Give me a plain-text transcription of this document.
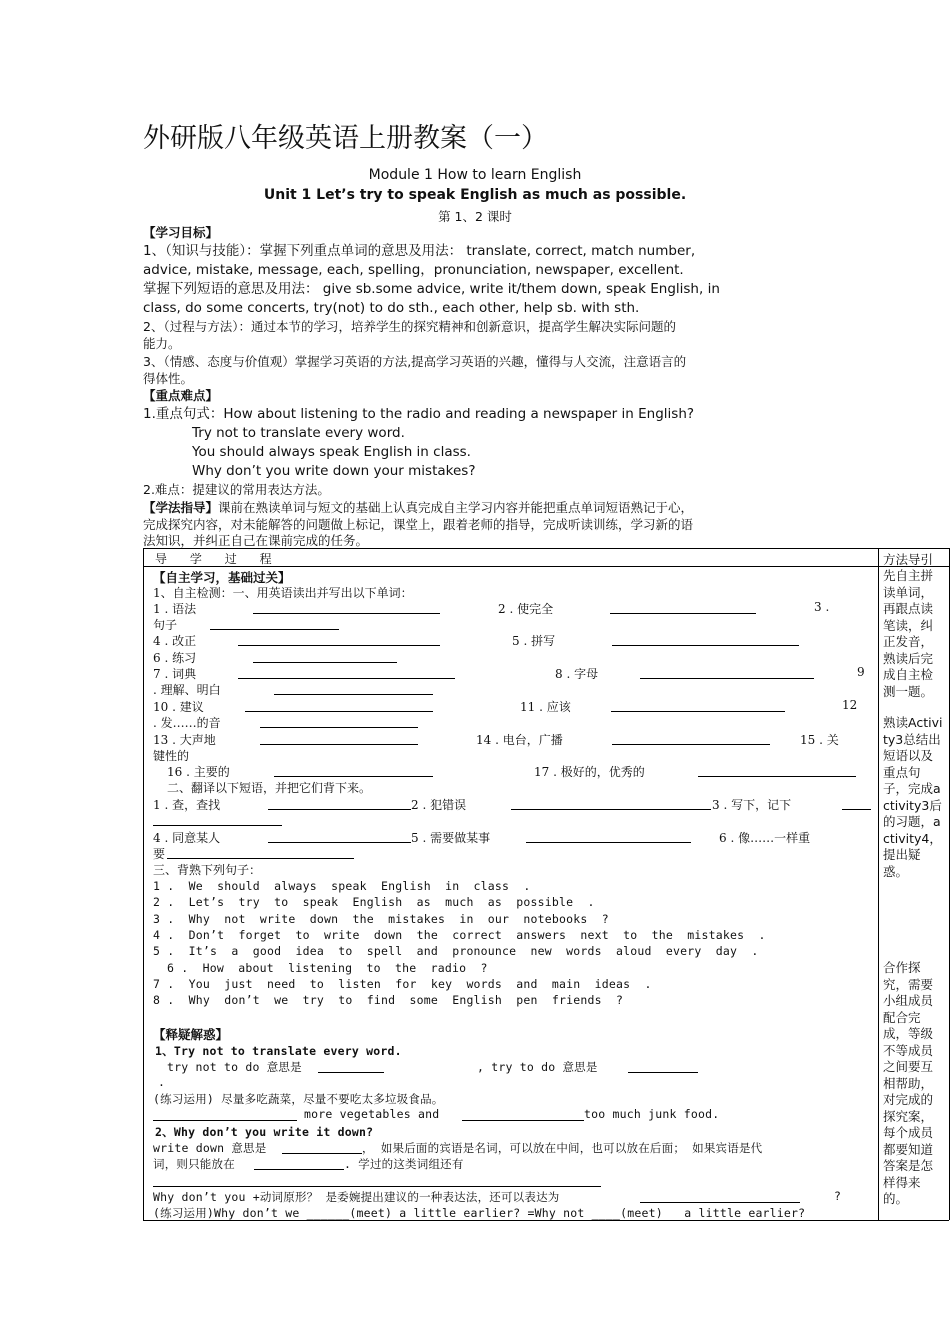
外研版八年级英语上册教案（一）
Module 1 How to learn English
Unit 1 Let’s try to speak English as much as possible.
第 1、2 课时
【学习目标】
1、（知识与技能）：掌握下列重点单词的意思及用法： translate, correct, match number,
advice, mistake, message, each, spelling，pronunciation, newspaper, excellent.
掌握下列短语的意思及用法： give sb.some advice, write it/them down, speak English, in
class, do some concerts, try(not) to do sth., each other, help sb. with sth.
2、（过程与方法）：通过本节的学习，培养学生的探究精神和创新意识，提高学生解决实际问题的
能力。
3、（情感、态度与价值观）掌握学习英语的方法,提高学习英语的兴趣，懂得与人交流，注意语言的
得体性。
【重点难点】
1.重点句式：How about listening to the radio and reading a newspaper in English?
Try not to translate every word.
You should always speak English in class.
Why don’t you write down your mistakes?
2.难点：提建议的常用表达方法。
【学法指导】课前在熟读单词与短文的基础上认真完成自主学习内容并能把重点单词短语熟记于心，
完成探究内容，对未能解答的问题做上标记，课堂上，跟着老师的指导，完成听读训练，学习新的语
法知识，并纠正自己在课前完成的任务。
导      学      过      程	方法导引
【自主学习，基础过关】
1、自主检测：一、用英语读出并写出以下单词：
1 . 语法	2 . 使完全	3 .
句子
4 . 改正	5 . 拼写
6 . 练习
7 . 词典	8 . 字母	9
. 理解、明白
10 . 建议	11 . 应该	12
. 发……的音
13 . 大声地	14 . 电台，广播	15 . 关
键性的
16 . 主要的	17 . 极好的，优秀的
二、翻译以下短语，并把它们背下来。
1 . 查，查找	2 . 犯错误	3 . 写下，记下
4 . 同意某人	5 . 需要做某事	6 . 像……一样重
要
三、背熟下列句子：
1 .  We  should  always  speak  English  in  class  .
2 .  Let’s  try  to  speak  English  as  much  as  possible  .
3 .  Why  not  write  down  the  mistakes  in  our  notebooks  ?
4 .  Don’t  forget  to  write  down  the  correct  answers  next  to  the  mistakes  .
5 .  It’s  a  good  idea  to  spell  and  pronounce  new  words  aloud  every  day  .
6 .  How  about  listening  to  the  radio  ?
7 .  You  just  need  to  listen  for  key  words  and  main  ideas  .
8 .  Why  don’t  we  try  to  find  some  English  pen  friends  ?
【释疑解惑】
1、Try not to translate every word.
try not to do 意思是	, try to do 意思是
.
(练习运用) 尽量多吃蔬菜，尽量不要吃太多垃圾食品。
more vegetables and	too much junk food.
2、Why don’t you write it down?
write down 意思是	， 如果后面的宾语是名词，可以放在中间，也可以放在后面； 如果宾语是代
词，则只能放在	. 学过的这类词组还有
Why don’t you +动词原形？ 是委婉提出建议的一种表达法，还可以表达为	?
(练习运用)Why don’t we ______(meet) a little earlier? =Why not ____(meet)   a little earlier?
先自主拼读单词，再跟点读笔读，纠正发音，熟读后完成自主检测一题。
熟读Activity3总结出短语以及重点句子，完成activity3后的习题，activity4，提出疑惑。
合作探究，需要小组成员配合完成，等级不等成员之间要互相帮助，对完成的探究案，每个成员都要知道答案是怎样得来的。
